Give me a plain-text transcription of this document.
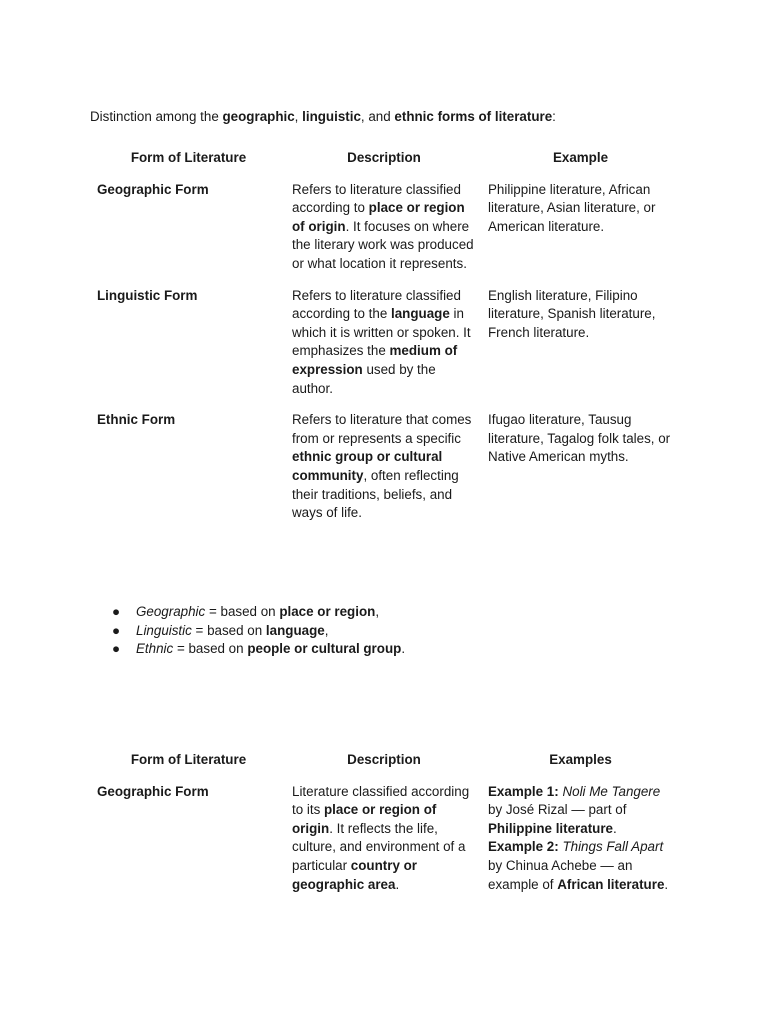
Distinction among the geographic, linguistic, and ethnic forms of literature:

Form of Literature	Description	Example
Geographic Form	Refers to literature classified according to place or region of origin. It focuses on where the literary work was produced or what location it represents.	Philippine literature, African literature, Asian literature, or American literature.
Linguistic Form	Refers to literature classified according to the language in which it is written or spoken. It emphasizes the medium of expression used by the author.	English literature, Filipino literature, Spanish literature, French literature.
Ethnic Form	Refers to literature that comes from or represents a specific ethnic group or cultural community, often reflecting their traditions, beliefs, and ways of life.	Ifugao literature, Tausug literature, Tagalog folk tales, or Native American myths.
● Geographic = based on place or region,
● Linguistic = based on language,
● Ethnic = based on people or cultural group.
Form of Literature	Description	Examples
Geographic Form	Literature classified according to its place or region of origin. It reflects the life, culture, and environment of a particular country or geographic area.	Example 1: Noli Me Tangere
by José Rizal — part of Philippine literature.
Example 2: Things Fall Apart
by Chinua Achebe — an example of African literature.
